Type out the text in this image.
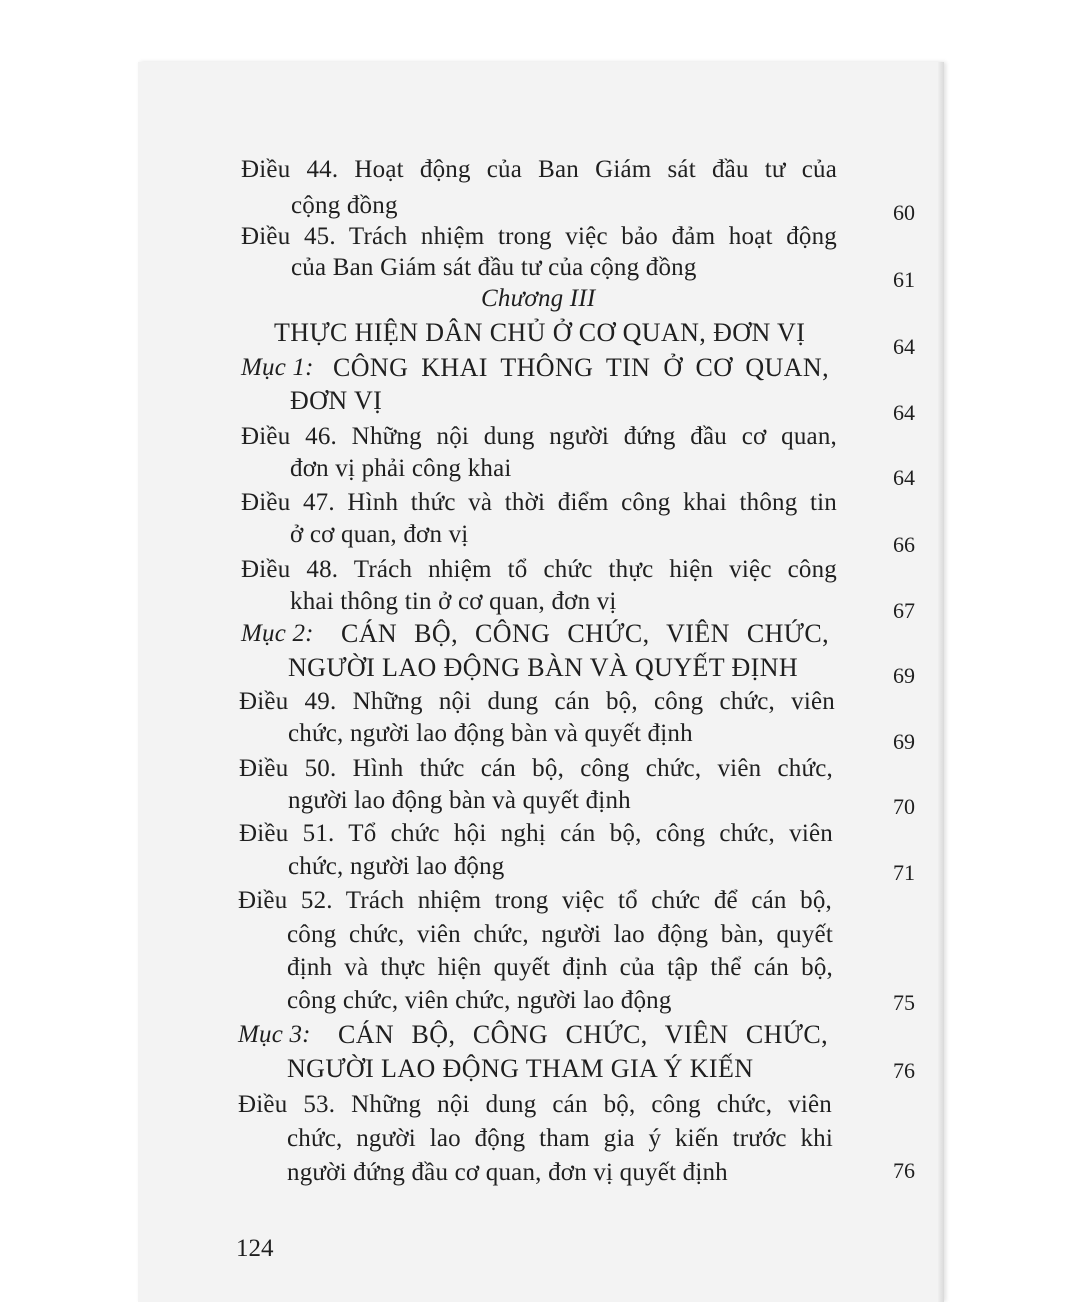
Điều 44. Hoạt động của Ban Giám sát đầu tư của
cộng đồng	60
Điều 45. Trách nhiệm trong việc bảo đảm hoạt động
của Ban Giám sát đầu tư của cộng đồng	61
Chương III
THỰC HIỆN DÂN CHỦ Ở CƠ QUAN, ĐƠN VỊ	64
Mục 1: CÔNG KHAI THÔNG TIN Ở CƠ QUAN,
ĐƠN VỊ	64
Điều 46. Những nội dung người đứng đầu cơ quan,
đơn vị phải công khai	64
Điều 47. Hình thức và thời điểm công khai thông tin
ở cơ quan, đơn vị	66
Điều 48. Trách nhiệm tổ chức thực hiện việc công
khai thông tin ở cơ quan, đơn vị	67
Mục 2: CÁN BỘ, CÔNG CHỨC, VIÊN CHỨC,
NGƯỜI LAO ĐỘNG BÀN VÀ QUYẾT ĐỊNH	69
Điều 49. Những nội dung cán bộ, công chức, viên
chức, người lao động bàn và quyết định	69
Điều 50. Hình thức cán bộ, công chức, viên chức,
người lao động bàn và quyết định	70
Điều 51. Tổ chức hội nghị cán bộ, công chức, viên
chức, người lao động	71
Điều 52. Trách nhiệm trong việc tổ chức để cán bộ,
công chức, viên chức, người lao động bàn, quyết
định và thực hiện quyết định của tập thể cán bộ,
công chức, viên chức, người lao động	75
Mục 3: CÁN BỘ, CÔNG CHỨC, VIÊN CHỨC,
NGƯỜI LAO ĐỘNG THAM GIA Ý KIẾN	76
Điều 53. Những nội dung cán bộ, công chức, viên
chức, người lao động tham gia ý kiến trước khi
người đứng đầu cơ quan, đơn vị quyết định	76
124
